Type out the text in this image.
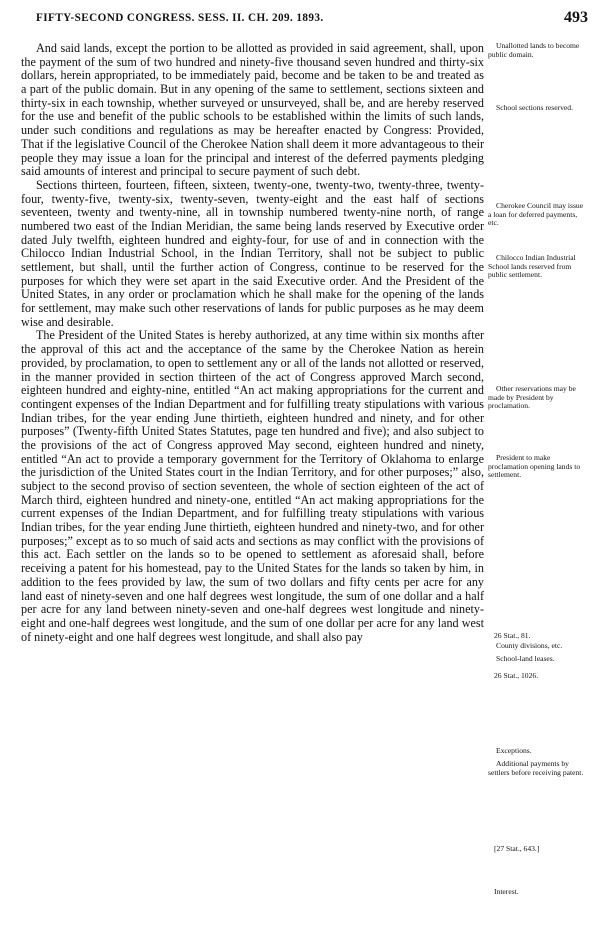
FIFTY-SECOND CONGRESS. SESS. II. CH. 209. 1893.	493

And said lands, except the portion to be allotted as provided in said agreement, shall, upon the payment of the sum of two hundred and ninety-five thousand seven hundred and thirty-six dollars, herein appropriated, to be immediately paid, become and be taken to be and treated as a part of the public domain. But in any opening of the same to settlement, sections sixteen and thirty-six in each township, whether surveyed or unsurveyed, shall be, and are hereby reserved for the use and benefit of the public schools to be established within the limits of such lands, under such conditions and regulations as may be hereafter enacted by Congress: Provided, That if the legislative Council of the Cherokee Nation shall deem it more advantageous to their people they may issue a loan for the principal and interest of the deferred payments pledging said amounts of interest and principal to secure payment of such debt.

Sections thirteen, fourteen, fifteen, sixteen, twenty-one, twenty-two, twenty-three, twenty-four, twenty-five, twenty-six, twenty-seven, twenty-eight and the east half of sections seventeen, twenty and twenty-nine, all in township numbered twenty-nine north, of range numbered two east of the Indian Meridian, the same being lands reserved by Executive order dated July twelfth, eighteen hundred and eighty-four, for use of and in connection with the Chilocco Indian Industrial School, in the Indian Territory, shall not be subject to public settlement, but shall, until the further action of Congress, continue to be reserved for the purposes for which they were set apart in the said Executive order. And the President of the United States, in any order or proclamation which he shall make for the opening of the lands for settlement, may make such other reservations of lands for public purposes as he may deem wise and desirable.

The President of the United States is hereby authorized, at any time within six months after the approval of this act and the acceptance of the same by the Cherokee Nation as herein provided, by proclamation, to open to settlement any or all of the lands not allotted or reserved, in the manner provided in section thirteen of the act of Congress approved March second, eighteen hundred and eighty-nine, entitled “An act making appropriations for the current and contingent expenses of the Indian Department and for fulfilling treaty stipulations with various Indian tribes, for the year ending June thirtieth, eighteen hundred and ninety, and for other purposes” (Twenty-fifth United States Statutes, page ten hundred and five); and also subject to the provisions of the act of Congress approved May second, eighteen hundred and ninety, entitled “An act to provide a temporary government for the Territory of Oklahoma to enlarge the jurisdiction of the United States court in the Indian Territory, and for other purposes;” also, subject to the second proviso of section seventeen, the whole of section eighteen of the act of March third, eighteen hundred and ninety-one, entitled “An act making appropriations for the current expenses of the Indian Department, and for fulfilling treaty stipulations with various Indian tribes, for the year ending June thirtieth, eighteen hundred and ninety-two, and for other purposes;” except as to so much of said acts and sections as may conflict with the provisions of this act. Each settler on the lands so to be opened to settlement as aforesaid shall, before receiving a patent for his homestead, pay to the United States for the lands so taken by him, in addition to the fees provided by law, the sum of two dollars and fifty cents per acre for any land east of ninety-seven and one half degrees west longitude, the sum of one dollar and a half per acre for any land between ninety-seven and one-half degrees west longitude and ninety-eight and one-half degrees west longitude, and the sum of one dollar per acre for any land west of ninety-eight and one half degrees west longitude, and shall also pay

Unallotted lands to become public domain.
School sections reserved.
Cherokee Council may issue a loan for deferred payments, etc.
Chilocco Indian Industrial School lands reserved from public settlement.
Other reservations may be made by President by proclamation.
President to make proclamation opening lands to settlement.
26 Stat., 81.
County divisions, etc.
School-land leases.
26 Stat., 1026.
Exceptions.
Additional payments by settlers before receiving patent.
[27 Stat., 643.]
Interest.
